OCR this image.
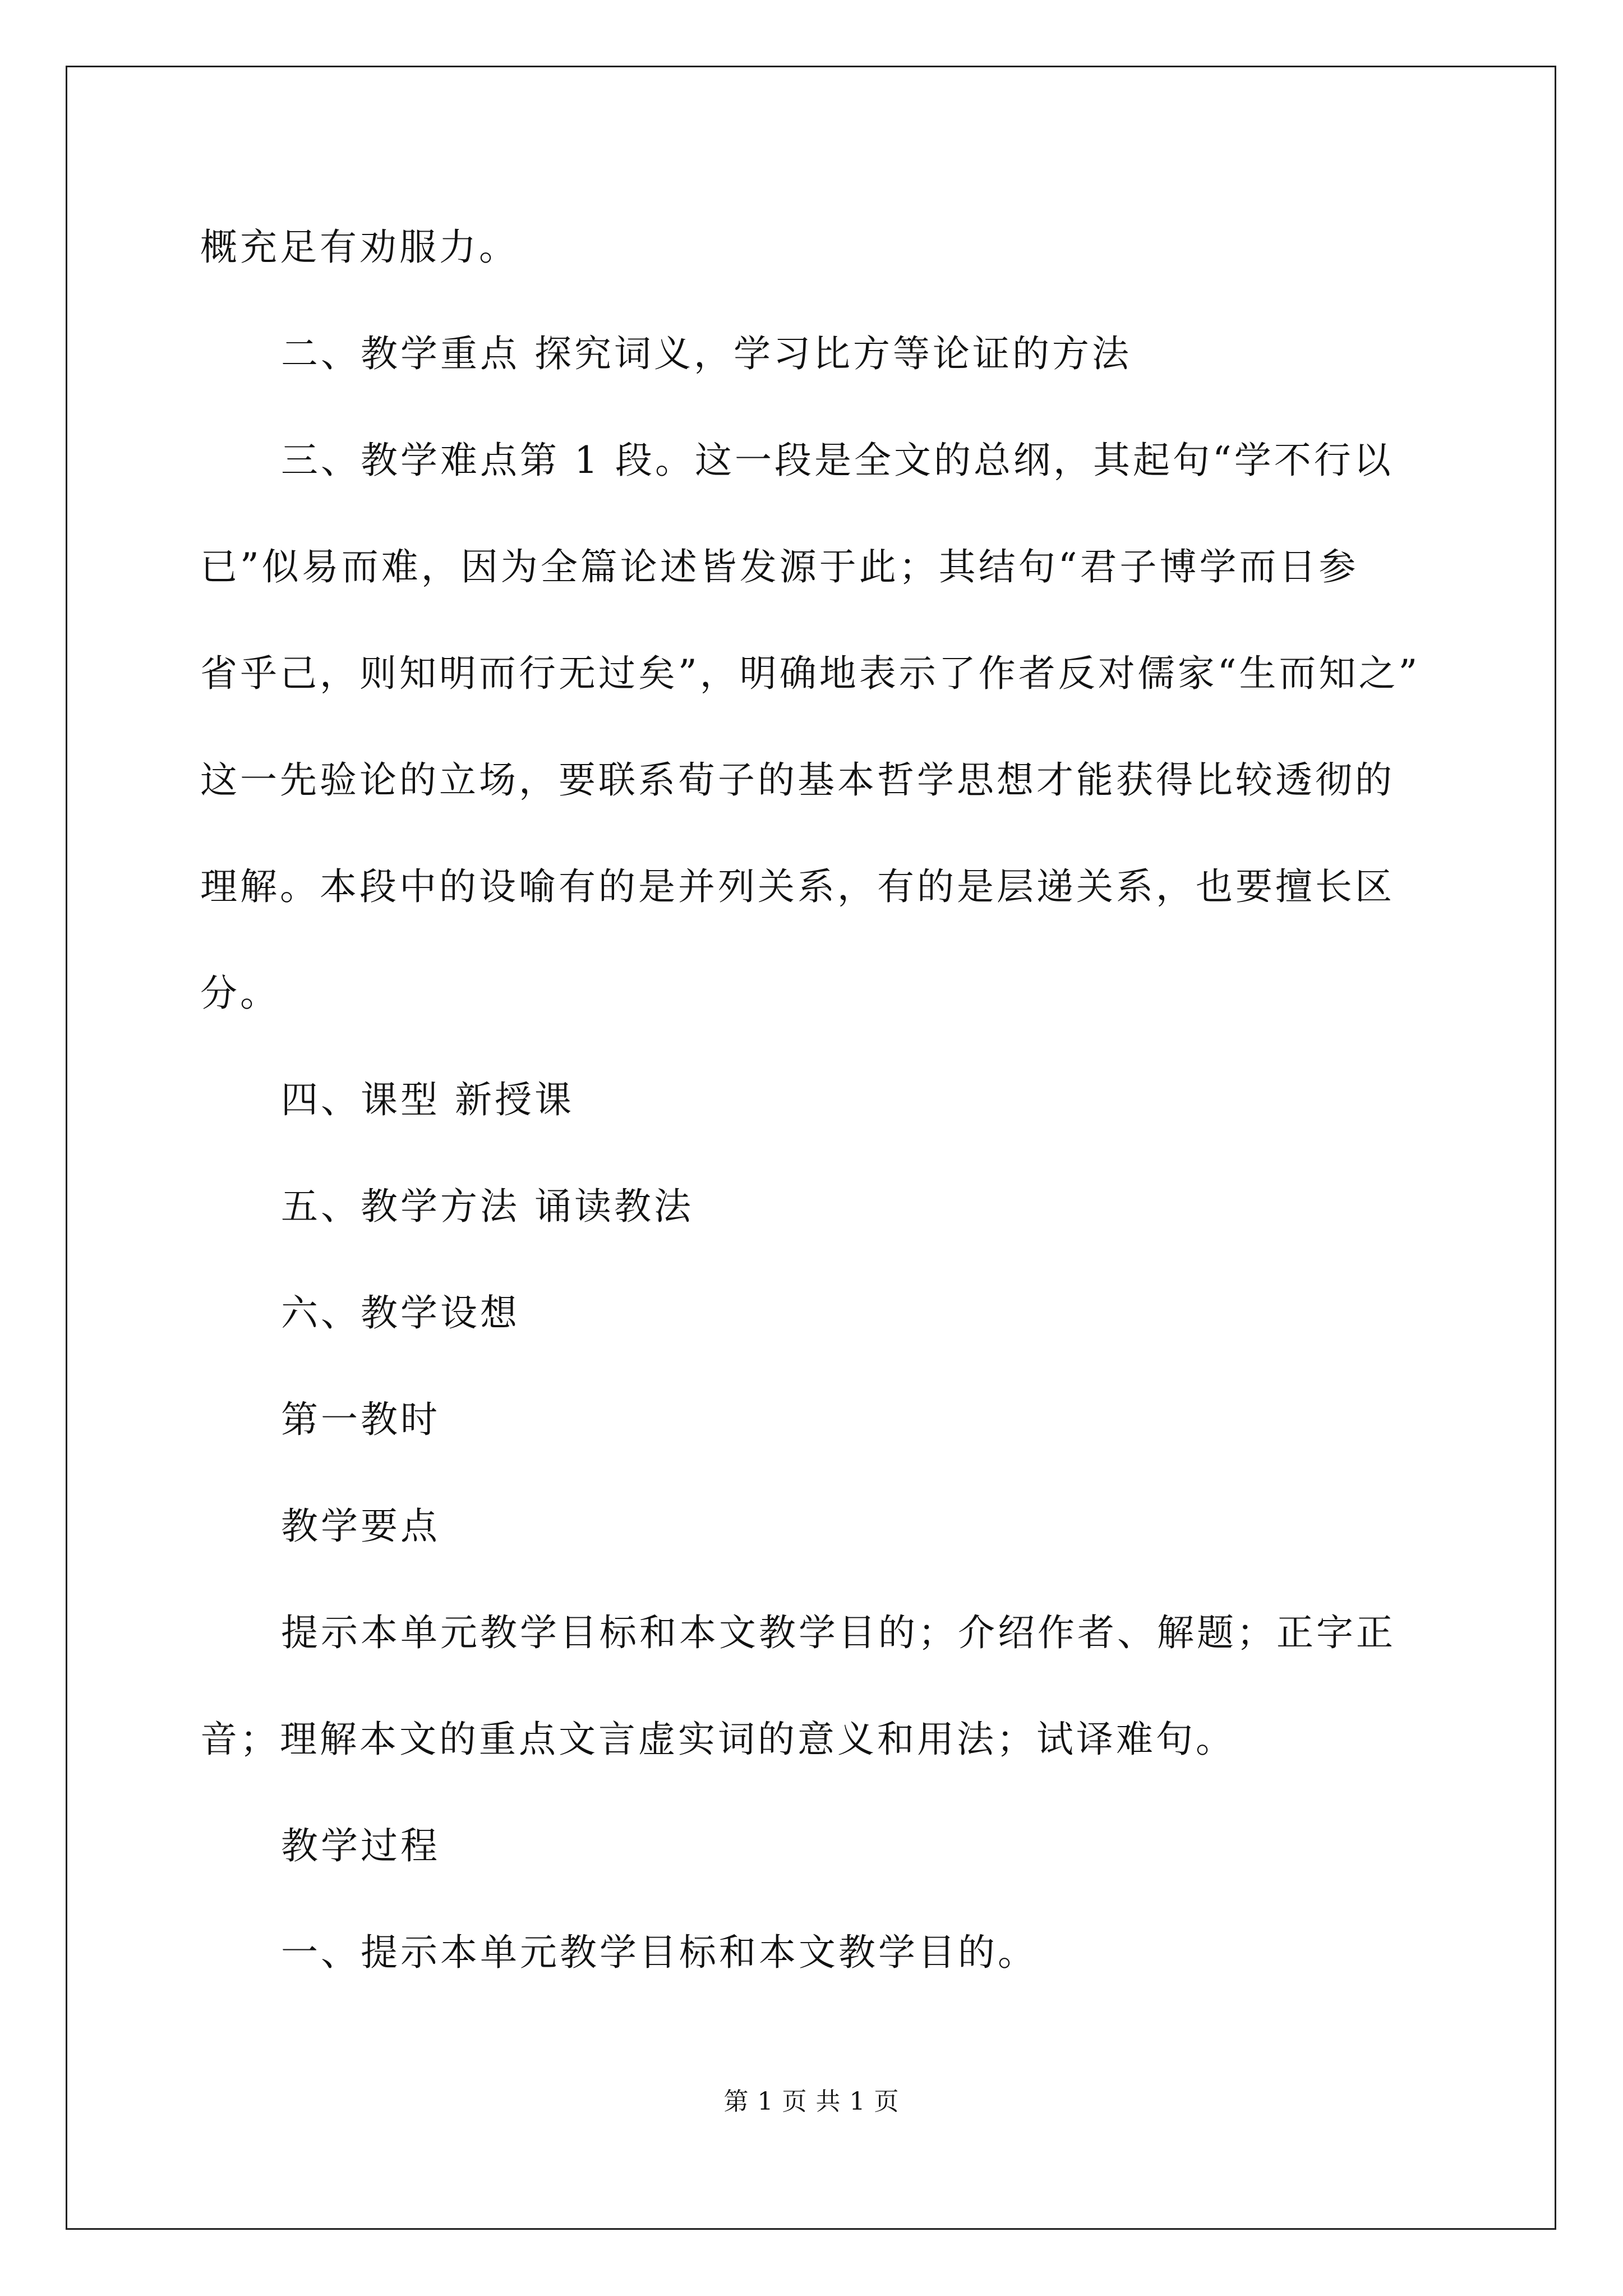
概充足有劝服力。
二、教学重点 探究词义，学习比方等论证的方法
三、教学难点第 1 段。这一段是全文的总纲，其起句“学不行以
已”似易而难，因为全篇论述皆发源于此；其结句“君子博学而日参
省乎己，则知明而行无过矣”，明确地表示了作者反对儒家“生而知之”
这一先验论的立场，要联系荀子的基本哲学思想才能获得比较透彻的
理解。本段中的设喻有的是并列关系，有的是层递关系，也要擅长区
分。
四、课型 新授课
五、教学方法 诵读教法
六、教学设想
第一教时
教学要点
提示本单元教学目标和本文教学目的；介绍作者、解题；正字正
音；理解本文的重点文言虚实词的意义和用法；试译难句。
教学过程
一、提示本单元教学目标和本文教学目的。
第 1 页 共 1 页
